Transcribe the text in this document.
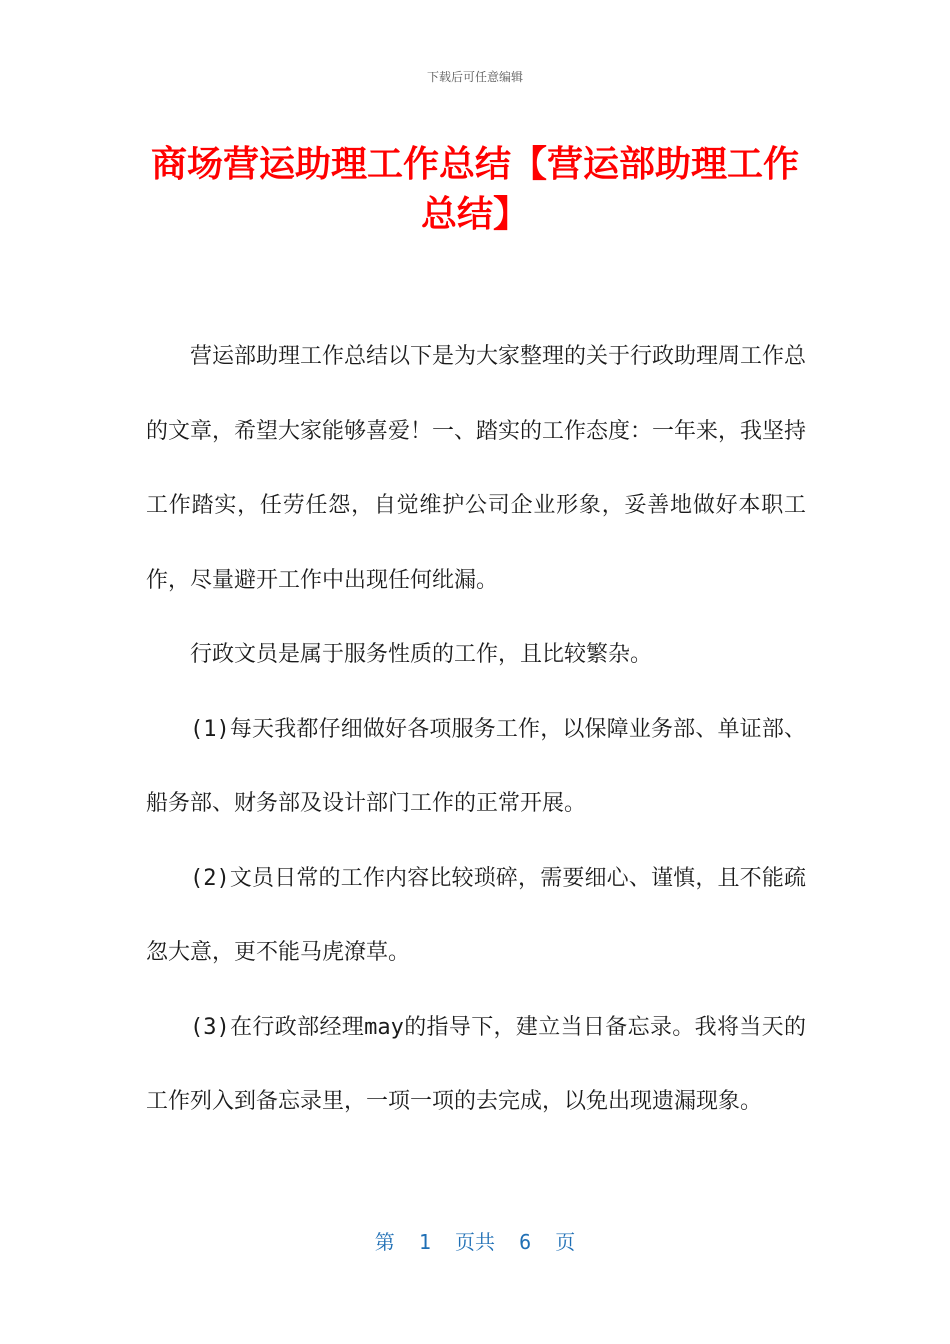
下载后可任意编辑
商场营运助理工作总结【营运部助理工作总结】

营运部助理工作总结以下是为大家整理的关于行政助理周工作总的文章，希望大家能够喜爱！一、踏实的工作态度：一年来，我坚持工作踏实，任劳任怨，自觉维护公司企业形象，妥善地做好本职工作，尽量避开工作中出现任何纰漏。

行政文员是属于服务性质的工作，且比较繁杂。

(1)每天我都仔细做好各项服务工作，以保障业务部、单证部、船务部、财务部及设计部门工作的正常开展。

(2)文员日常的工作内容比较琐碎，需要细心、谨慎，且不能疏忽大意，更不能马虎潦草。

(3)在行政部经理may的指导下，建立当日备忘录。我将当天的工作列入到备忘录里，一项一项的去完成，以免出现遗漏现象。

第  1  页共  6  页
